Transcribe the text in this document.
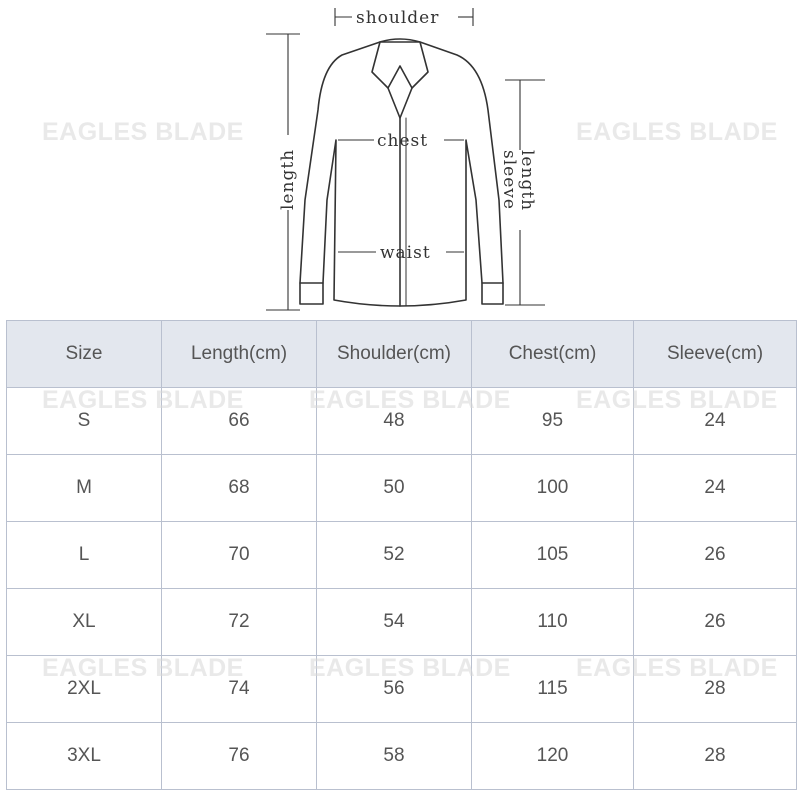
shoulder
chest
waist
length	sleeve
length
Size	Length(cm)	Shoulder(cm)	Chest(cm)	Sleeve(cm)
S	66	48	95	24
M	68	50	100	24
L	70	52	105	26
XL	72	54	110	26
2XL	74	56	115	28
3XL	76	58	120	28
EAGLES BLADE	EAGLES BLADE
EAGLES BLADE	EAGLES BLADE	EAGLES BLADE
EAGLES BLADE	EAGLES BLADE	EAGLES BLADE
